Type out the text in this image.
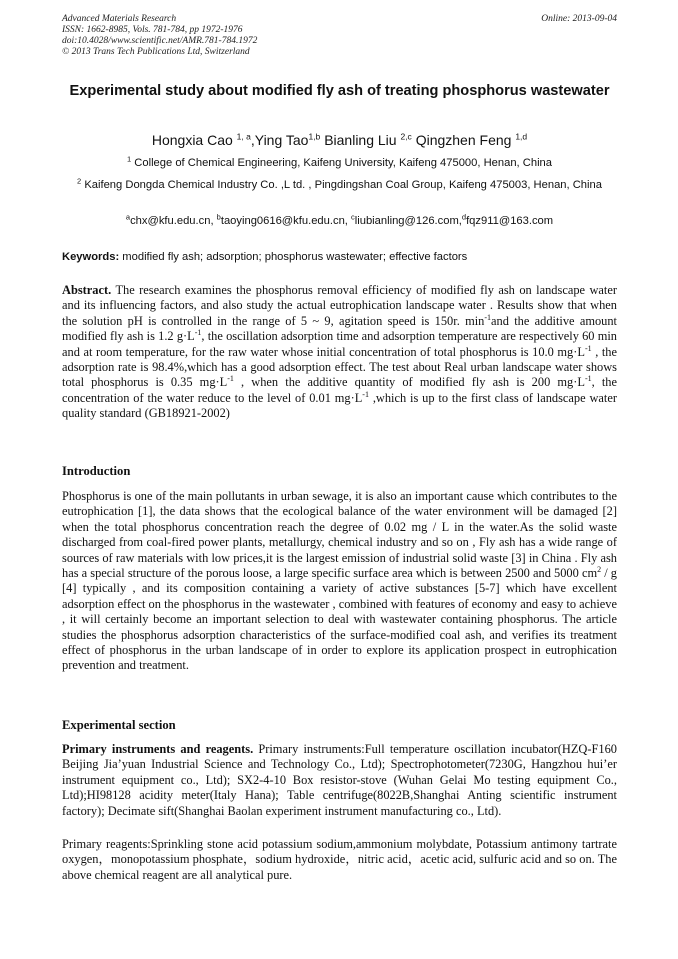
Advanced Materials Research
ISSN: 1662-8985, Vols. 781-784, pp 1972-1976
doi:10.4028/www.scientific.net/AMR.781-784.1972
© 2013 Trans Tech Publications Ltd, Switzerland
Online: 2013-09-04
Experimental study about modified fly ash of treating phosphorus wastewater
Hongxia Cao $^{1, a}$,Ying Tao$^{1,b}$ Bianling Liu $^{2,c}$ Qingzhen Feng $^{1,d}$
$^1$ College of Chemical Engineering, Kaifeng University, Kaifeng 475000, Henan, China
$^2$ Kaifeng Dongda Chemical Industry Co. ,L td. , Pingdingshan Coal Group, Kaifeng 475003, Henan, China
$^a$chx@kfu.edu.cn, $^b$taoying0616@kfu.edu.cn, $^c$liubianling@126.com,$^d$fqz911@163.com
Keywords: modified fly ash; adsorption; phosphorus wastewater; effective factors
Abstract. The research examines the phosphorus removal efficiency of modified fly ash on landscape water and its influencing factors, and also study the actual eutrophication landscape water . Results show that when the solution pH is controlled in the range of 5 ~ 9, agitation speed is 150r. $\min^{-1}and$ the additive amount modified fly ash is 1.2 $g\cdot L^{-1}$, the oscillation adsorption time and adsorption temperature are respectively 60 min and at room temperature, for the raw water whose initial concentration of total phosphorus is 10.0 $mg\cdot L^{-1}$ , the adsorption rate is 98.4%,which has a good adsorption effect. The test about Real urban landscape water shows total phosphorus is 0.35 $mg\cdot L^{-1}$ , when the additive quantity of modified fly ash is 200 $mg\cdot L^{-1}$, the concentration of the water reduce to the level of 0.01 $mg\cdot L^{-1}$ ,which is up to the first class of landscape water quality standard (GB18921-2002)
Introduction
Phosphorus is one of the main pollutants in urban sewage, it is also an important cause which contributes to the eutrophication [1], the data shows that the ecological balance of the water environment will be damaged [2] when the total phosphorus concentration reach the degree of 0.02 mg / L in the water.As the solid waste discharged from coal-fired power plants, metallurgy, chemical industry and so on , Fly ash has a wide range of sources of raw materials with low prices,it is the largest emission of industrial solid waste [3] in China . Fly ash has a special structure of the porous loose, a large specific surface area which is between 2500 and 5000 $cm^2$ / g [4] typically , and its composition containing a variety of active substances [5-7] which have excellent adsorption effect on the phosphorus in the wastewater , combined with features of economy and easy to achieve , it will certainly become an important selection to deal with wastewater containing phosphorus. The article studies the phosphorus adsorption characteristics of the surface-modified coal ash, and verifies its treatment effect of phosphorus in the urban landscape of in order to explore its application prospect in eutrophication prevention and treatment.
Experimental section
Primary instruments and reagents. Primary instruments:Full temperature oscillation incubator(HZQ-F160 Beijing Jia’yuan Industrial Science and Technology Co., Ltd); Spectrophotometer(7230G, Hangzhou hui’er instrument equipment co., Ltd); SX2-4-10 Box resistor-stove (Wuhan Gelai Mo testing equipment Co., Ltd);HI98128 acidity meter(Italy Hana); Table centrifuge(8022B,Shanghai Anting scientific instrument factory); Decimate sift(Shanghai Baolan experiment instrument manufacturing co., Ltd).
Primary reagents:Sprinkling stone acid potassium sodium,ammonium molybdate, Potassium antimony tartrate oxygen，monopotassium phosphate，sodium hydroxide，nitric acid，acetic acid, sulfuric acid and so on. The above chemical reagent are all analytical pure.
